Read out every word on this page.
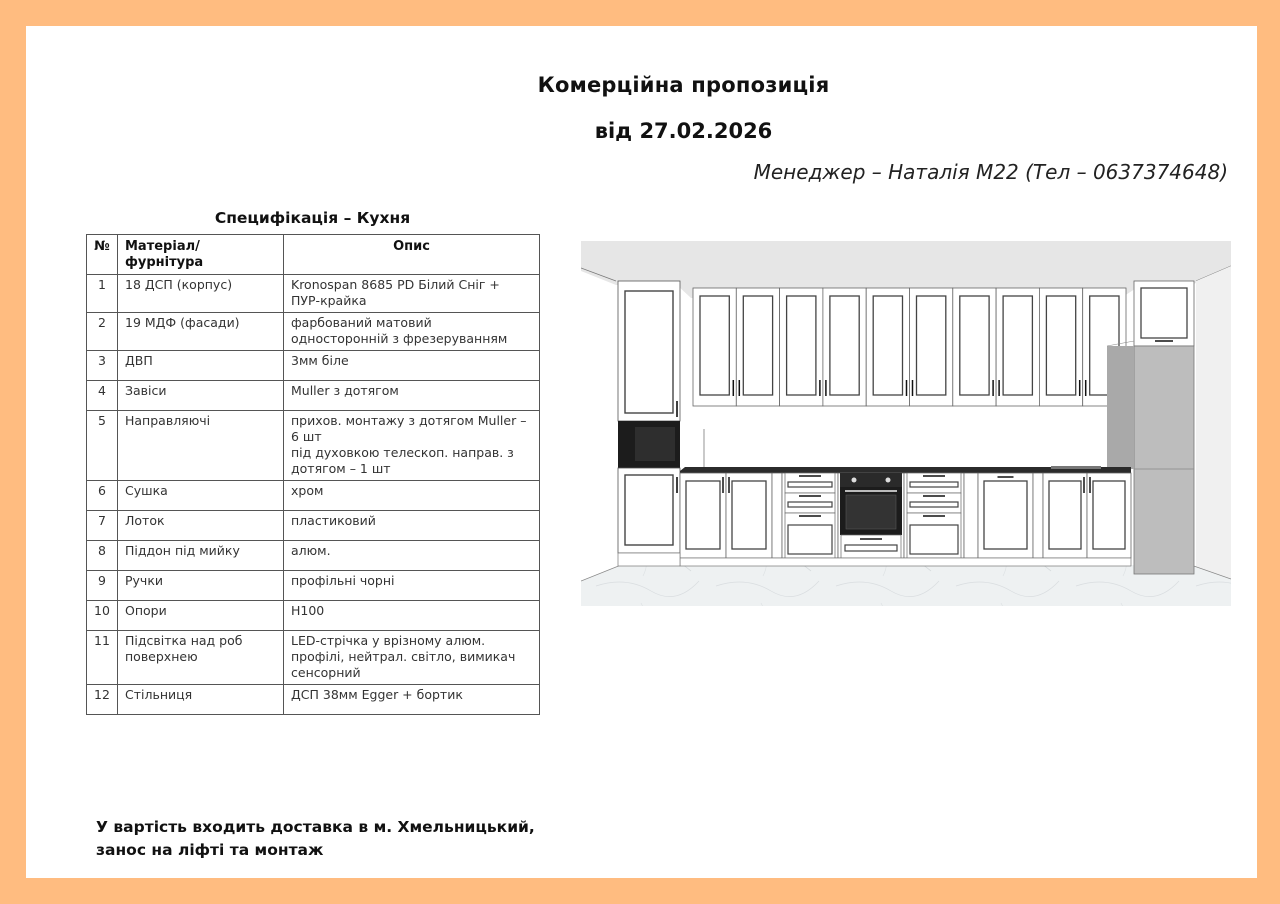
Комерційна пропозиція
від 27.02.2026
Менеджер – Наталія М22 (Тел – 0637374648)
Специфікація – Кухня
№	Матеріал/фурнітура	Опис
1	18 ДСП (корпус)	Kronospan 8685 PD Білий Сніг +
ПУР-крайка

2	19 МДФ (фасади)	фарбований матовий
односторонній з фрезеруванням

3	ДВП	3мм біле

4	Завіси	Muller з дотягом

5	Направляючі	прихов. монтажу з дотягом Muller –
6 шт
під духовкою телескоп. направ. з
дотягом – 1 шт

6	Сушка	хром

7	Лоток	пластиковий

8	Піддон під мийку	алюм.

9	Ручки	профільні чорні

10	Опори	H100

11	Підсвітка над роб
поверхнею	LED-стрічка у врізному алюм.
профілі, нейтрал. світло, вимикач
сенсорний

12	Стільниця	ДСП 38мм Egger + бортик
У вартість входить доставка в м. Хмельницький,
занос на ліфті та монтаж
